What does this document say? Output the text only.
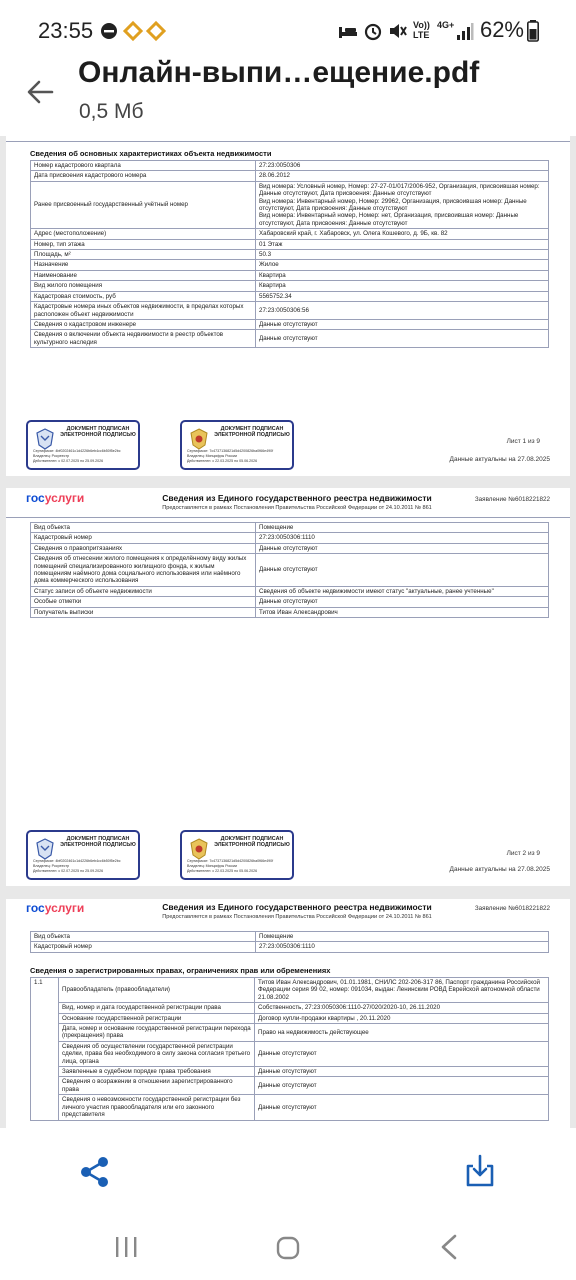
23:55	Vo))
LTE
4G+ 62%
Онлайн-выпи…ещение.pdf
0,5 Мб
Сведения об основных характеристиках объекта недвижимости
Номер кадастрового квартала	27:23:0050306
Дата присвоения кадастрового номера	28.06.2012
Ранее присвоенный государственный учётный номер	Вид номера: Условный номер, Номер: 27-27-01/017/2006-952, Организация, присвоившая номер: Данные отсутствуют, Дата присвоения: Данные отсутствуют
Вид номера: Инвентарный номер, Номер: 29962, Организация, присвоившая номер: Данные отсутствуют, Дата присвоения: Данные отсутствуют
Вид номера: Инвентарный номер, Номер: нет, Организация, присвоившая номер: Данные отсутствуют, Дата присвоения: Данные отсутствуют
Адрес (местоположение)	Хабаровский край, г. Хабаровск, ул. Олега Кошевого, д. 9Б, кв. 82
Номер, тип этажа	01 Этаж
Площадь, м²	50.3
Назначение	Жилое
Наименование	Квартира
Вид жилого помещения	Квартира
Кадастровая стоимость, руб	5565752.34
Кадастровые номера иных объектов недвижимости, в пределах которых расположен объект недвижимости	27:23:0050306:56
Сведения о кадастровом инженере	Данные отсутствуют
Сведения о включении объекта недвижимости в реестр объектов культурного наследия	Данные отсутствуют
ДОКУМЕНТ ПОДПИСАН ЭЛЕКТРОННОЙ ПОДПИСЬЮ
Сертификат: 4bf0202461c1d4226b6eb4cc6b50f5e2bc
Владелец: Росреестр
Действителен: с 02.07.2025 по 25.09.2026
ДОКУМЕНТ ПОДПИСАН ЭЛЕКТРОННОЙ ПОДПИСЬЮ
Сертификат: 7c4737136821d5d4200826ba0f66e490f
Владелец: Минцифры России
Действителен: с 22.03.2025 по 05.06.2026
Лист 1 из 9
Данные актуальны на 27.08.2025
госуслуги	Сведения из Единого государственного реестра недвижимости
Предоставляется в рамках Постановления Правительства Российской Федерации от 24.10.2011 № 861
Заявление №6018221822
Вид объекта	Помещение
Кадастровый номер	27:23:0050306:1110
Сведения о правопритязаниях	Данные отсутствуют
Сведения об отнесении жилого помещения к определённому виду жилых помещений специализированного жилищного фонда, к жилым помещениям наёмного дома социального использования или наёмного дома коммерческого использования	Данные отсутствуют
Статус записи об объекте недвижимости	Сведения об объекте недвижимости имеют статус "актуальные, ранее учтенные"
Особые отметки	Данные отсутствуют
Получатель выписки	Титов Иван Александрович
ДОКУМЕНТ ПОДПИСАН ЭЛЕКТРОННОЙ ПОДПИСЬЮ
Сертификат: 4bf0202461c1d4226b6eb4cc6b50f5e2bc
Владелец: Росреестр
Действителен: с 02.07.2025 по 25.09.2026
ДОКУМЕНТ ПОДПИСАН ЭЛЕКТРОННОЙ ПОДПИСЬЮ
Сертификат: 7c4737136821d5d4200826ba0f66e490f
Владелец: Минцифры России
Действителен: с 22.03.2025 по 05.06.2026
Лист 2 из 9
Данные актуальны на 27.08.2025
госуслуги	Сведения из Единого государственного реестра недвижимости
Предоставляется в рамках Постановления Правительства Российской Федерации от 24.10.2011 № 861
Заявление №6018221822
Вид объекта	Помещение
Кадастровый номер	27:23:0050306:1110
Сведения о зарегистрированных правах, ограничениях прав или обременениях
1.1	Правообладатель (правообладатели)	Титов Иван Александрович, 01.01.1981, СНИЛС 202-206-317 86, Паспорт гражданина Российской Федерации серия 99 02, номер: 091034, выдан: Ленинским РОВД Еврейской автономной области 21.08.2002
	Вид, номер и дата государственной регистрации права	Собственность, 27:23:0050306:1110-27/020/2020-10, 26.11.2020
	Основание государственной регистрации	Договор купли-продажи квартиры , 20.11.2020
	Дата, номер и основание государственной регистрации перехода (прекращения) права	Право на недвижимость действующее
	Сведения об осуществлении государственной регистрации сделки, права без необходимого в силу закона согласия третьего лица, органа	Данные отсутствуют
	Заявленные в судебном порядке права требования	Данные отсутствуют
	Сведения о возражении в отношении зарегистрированного права	Данные отсутствуют
	Сведения о невозможности государственной регистрации без личного участия правообладателя или его законного представителя	Данные отсутствуют
